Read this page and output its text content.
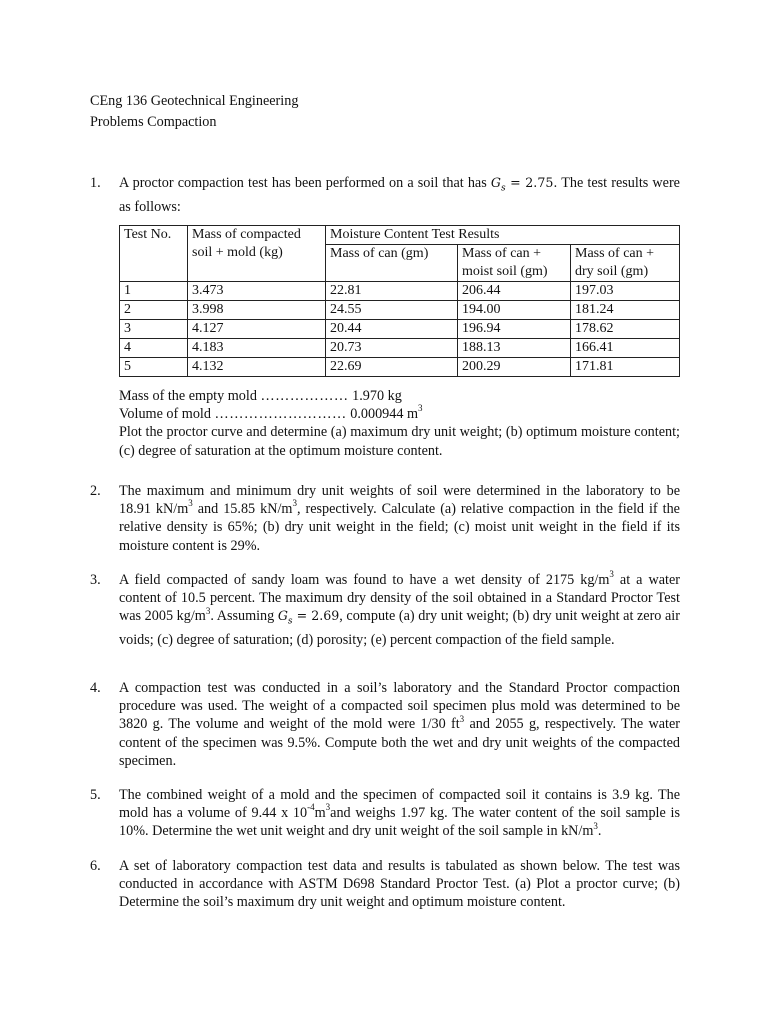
CEng 136 Geotechnical Engineering
Problems Compaction
1.	A proctor compaction test has been performed on a soil that has $G_s = 2.75$. The test results were as follows:
Test No.	Mass of compacted soil + mold (kg)	Moisture Content Test Results		
		Mass of can (gm)	Mass of can + moist soil (gm)	Mass of can + dry soil (gm)
1	3.473	22.81	206.44	197.03
2	3.998	24.55	194.00	181.24
3	4.127	20.44	196.94	178.62
4	4.183	20.73	188.13	166.41
5	4.132	22.69	200.29	171.81
Mass of the empty mold ……………… 1.970 kg
Volume of mold ……………………… 0.000944 $m^3$
Plot the proctor curve and determine (a) maximum dry unit weight; (b) optimum moisture content; (c) degree of saturation at the optimum moisture content.
2.	The maximum and minimum dry unit weights of soil were determined in the laboratory to be 18.91 $kN/m^3$ and 15.85 $kN/m^3$, respectively. Calculate (a) relative compaction in the field if the relative density is 65%; (b) dry unit weight in the field; (c) moist unit weight in the field if its moisture content is 29%.
3.	A field compacted of sandy loam was found to have a wet density of 2175 $kg/m^3$ at a water content of 10.5 percent. The maximum dry density of the soil obtained in a Standard Proctor Test was 2005 $kg/m^3$. Assuming $G_s = 2.69$, compute (a) dry unit weight; (b) dry unit weight at zero air voids; (c) degree of saturation; (d) porosity; (e) percent compaction of the field sample.
4.	A compaction test was conducted in a soil’s laboratory and the Standard Proctor compaction procedure was used. The weight of a compacted soil specimen plus mold was determined to be 3820 g. The volume and weight of the mold were 1/30 $ft^3$ and 2055 g, respectively. The water content of the specimen was 9.5%. Compute both the wet and dry unit weights of the compacted specimen.
5.	The combined weight of a mold and the specimen of compacted soil it contains is 3.9 kg. The mold has a volume of 9.44 x $10^{-4}m^3and$ weighs 1.97 kg. The water content of the soil sample is 10%. Determine the wet unit weight and dry unit weight of the soil sample in $kN/m^3$.
6.	A set of laboratory compaction test data and results is tabulated as shown below. The test was conducted in accordance with ASTM D698 Standard Proctor Test. (a) Plot a proctor curve; (b) Determine the soil’s maximum dry unit weight and optimum moisture content.
